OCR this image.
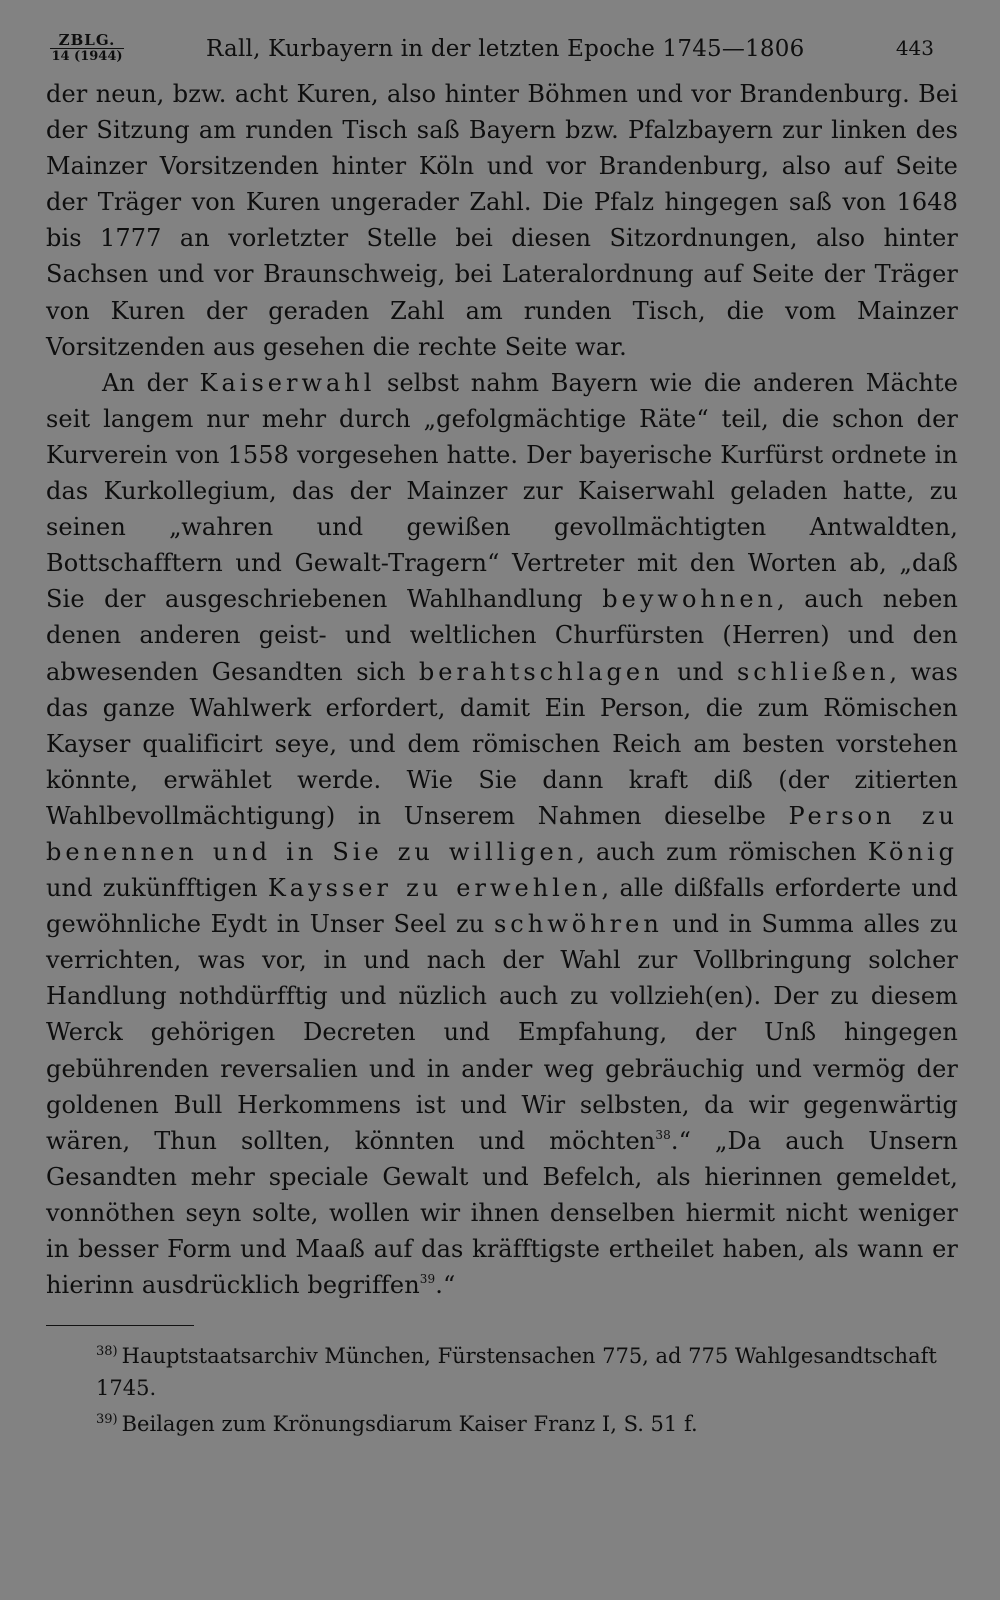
ZBLG.
14 (1944)	Rall, Kurbayern in der letzten Epoche 1745—1806	443

der neun, bzw. acht Kuren, also hinter Böhmen und vor Brandenburg. Bei der Sitzung am runden Tisch saß Bayern bzw. Pfalzbayern zur linken des Mainzer Vorsitzenden hinter Köln und vor Brandenburg, also auf Seite der Träger von Kuren ungerader Zahl. Die Pfalz hingegen saß von 1648 bis 1777 an vorletzter Stelle bei diesen Sitzordnungen, also hinter Sachsen und vor Braunschweig, bei Lateralordnung auf Seite der Träger von Kuren der geraden Zahl am runden Tisch, die vom Mainzer Vorsitzenden aus gesehen die rechte Seite war.

An der Kaiserwahl selbst nahm Bayern wie die anderen Mächte seit langem nur mehr durch „gefolgmächtige Räte“ teil, die schon der Kurverein von 1558 vorgesehen hatte. Der bayerische Kurfürst ordnete in das Kurkollegium, das der Mainzer zur Kaiserwahl geladen hatte, zu seinen „wahren und gewißen gevollmächtigten Antwaldten, Bottschafftern und Gewalt-Tragern“ Vertreter mit den Worten ab, „daß Sie der ausgeschriebenen Wahlhandlung beywohnen, auch neben denen anderen geist- und weltlichen Churfürsten (Herren) und den abwesenden Gesandten sich berahtschlagen und schließen, was das ganze Wahlwerk erfordert, damit Ein Person, die zum Römischen Kayser qualificirt seye, und dem römischen Reich am besten vorstehen könnte, erwählet werde. Wie Sie dann kraft diß (der zitierten Wahlbevollmächtigung) in Unserem Nahmen dieselbe Person zu benennen und in Sie zu willigen, auch zum römischen König und zukünfftigen Kaysser zu erwehlen, alle dißfalls erforderte und gewöhnliche Eydt in Unser Seel zu schwöhren und in Summa alles zu verrichten, was vor, in und nach der Wahl zur Vollbringung solcher Handlung nothdürfftig und nüzlich auch zu vollzieh(en). Der zu diesem Werck gehörigen Decreten und Empfahung, der Unß hingegen gebührenden reversalien und in ander weg gebräuchig und vermög der goldenen Bull Herkommens ist und Wir selbsten, da wir gegenwärtig wären, Thun sollten, könnten und möchten$^{38}$.“ „Da auch Unsern Gesandten mehr speciale Gewalt und Befelch, als hierinnen gemeldet, vonnöthen seyn solte, wollen wir ihnen denselben hiermit nicht weniger in besser Form und Maaß auf das kräfftigste ertheilet haben, als wann er hierinn ausdrücklich begriffen$^{39}$.“

$^{38)}$ Hauptstaatsarchiv München, Fürstensachen 775, ad 775 Wahlgesandtschaft 1745.
$^{39)}$ Beilagen zum Krönungsdiarum Kaiser Franz I, S. 51 f.
